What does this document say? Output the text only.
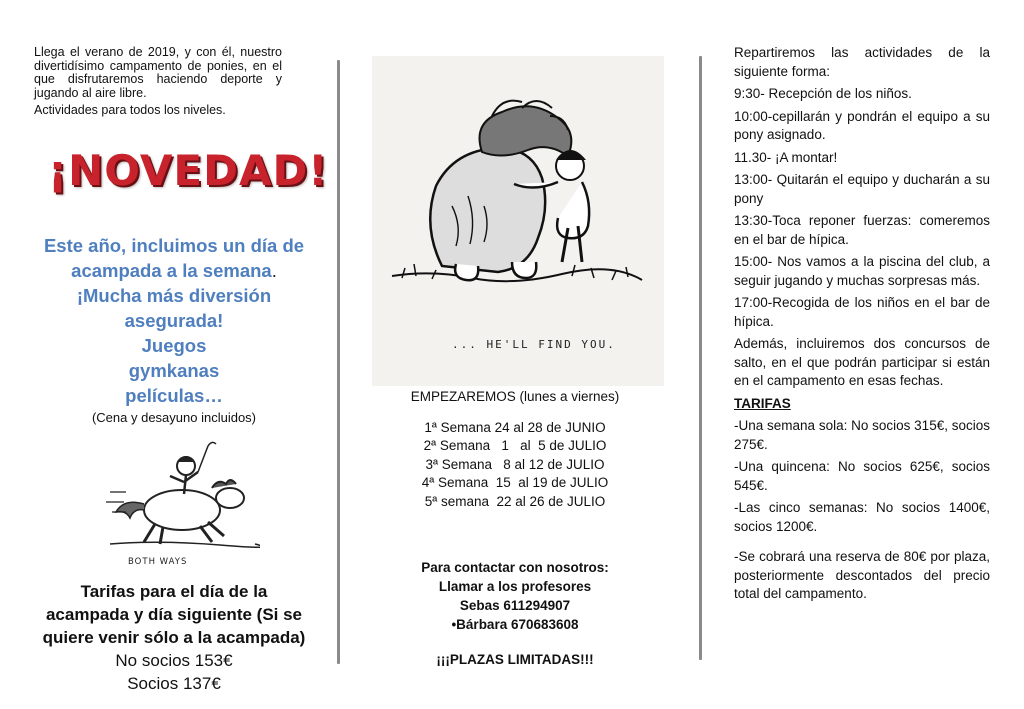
Llega el verano de 2019, y con él, nuestro divertidísimo campamento de ponies, en el que disfrutaremos haciendo deporte y jugando al aire libre.

Actividades para todos los niveles.

¡NOVEDAD!
Este año, incluimos un día de
acampada a la semana.
¡Mucha más diversión
asegurada!
Juegos
gymkanas
películas…
(Cena y desayuno incluidos)
BOTH WAYS
Tarifas para el día de la acampada y día siguiente (Si se quiere venir sólo a la acampada)
No socios 153€
Socios 137€
... HE'LL FIND YOU.
EMPEZAREMOS (lunes a viernes)
1ª Semana 24 al 28 de JUNIO
2ª Semana   1   al  5 de JULIO
3ª Semana   8 al 12 de JULIO
4ª Semana  15  al 19 de JULIO
5ª semana  22 al 26 de JULIO
Para contactar con nosotros:
Llamar a los profesores
Sebas 611294907
•Bárbara 670683608
¡¡¡PLAZAS LIMITADAS!!!

Repartiremos las actividades de la siguiente forma:

9:30- Recepción de los niños.

10:00-cepillarán y pondrán el equipo a su pony asignado.

11.30- ¡A montar!

13:00- Quitarán el equipo y ducharán a su pony

13:30-Toca reponer fuerzas: comeremos en el bar de hípica.

15:00- Nos vamos a la piscina del club, a seguir jugando y muchas sorpresas más.

17:00-Recogida de los niños en el bar de hípica.

Además, incluiremos dos concursos de salto, en el que podrán participar si están en el campamento en esas fechas.

TARIFAS

-Una semana sola: No socios 315€, socios 275€.

-Una quincena: No socios 625€, socios 545€.

-Las cinco semanas: No socios 1400€, socios 1200€.

-Se cobrará una reserva de 80€ por plaza, posteriormente descontados del precio total del campamento.
